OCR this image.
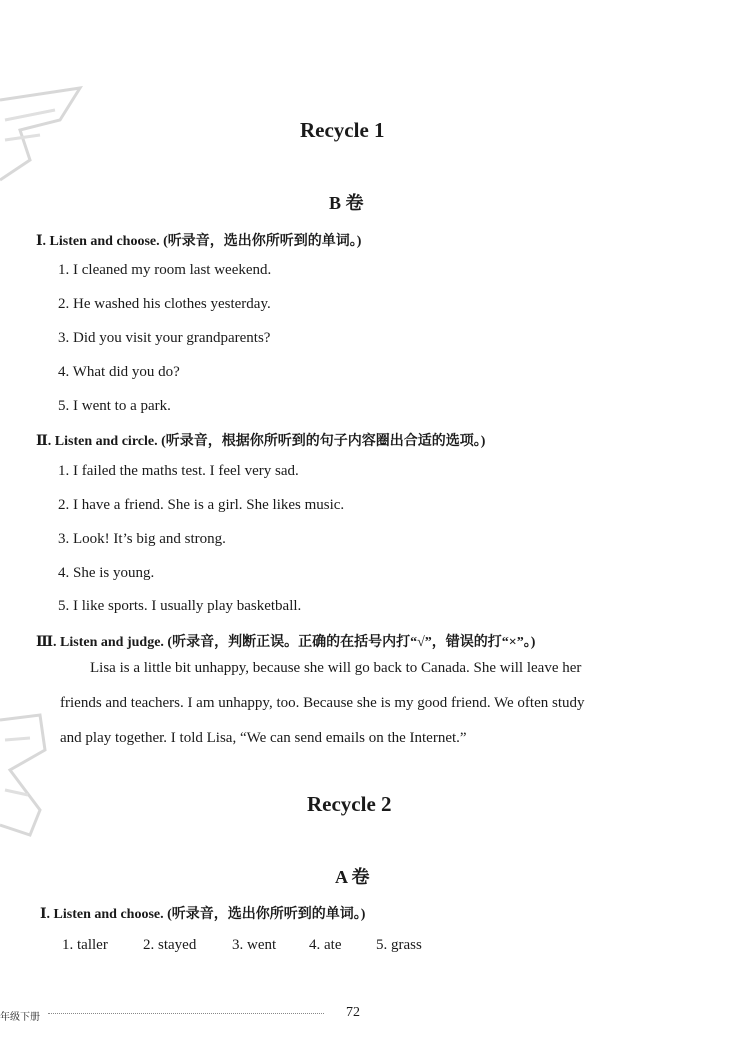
Recycle 1
B 卷
Ⅰ. Listen and choose. (听录音，选出你所听到的单词。)
1. I cleaned my room last weekend.
2. He washed his clothes yesterday.
3. Did you visit your grandparents?
4. What did you do?
5. I went to a park.
Ⅱ. Listen and circle. (听录音，根据你所听到的句子内容圈出合适的选项。)
1. I failed the maths test. I feel very sad.
2. I have a friend. She is a girl. She likes music.
3. Look! It’s big and strong.
4. She is young.
5. I like sports. I usually play basketball.
Ⅲ. Listen and judge. (听录音，判断正误。正确的在括号内打“√”，错误的打“×”。)
Lisa is a little bit unhappy, because she will go back to Canada. She will leave her
friends and teachers. I am unhappy, too. Because she is my good friend. We often study
and play together. I told Lisa, “We can send emails on the Internet.”
Recycle 2
A 卷
Ⅰ. Listen and choose. (听录音，选出你所听到的单词。)
1. taller 2. stayed 3. went 4. ate 5. grass
年级下册	72
